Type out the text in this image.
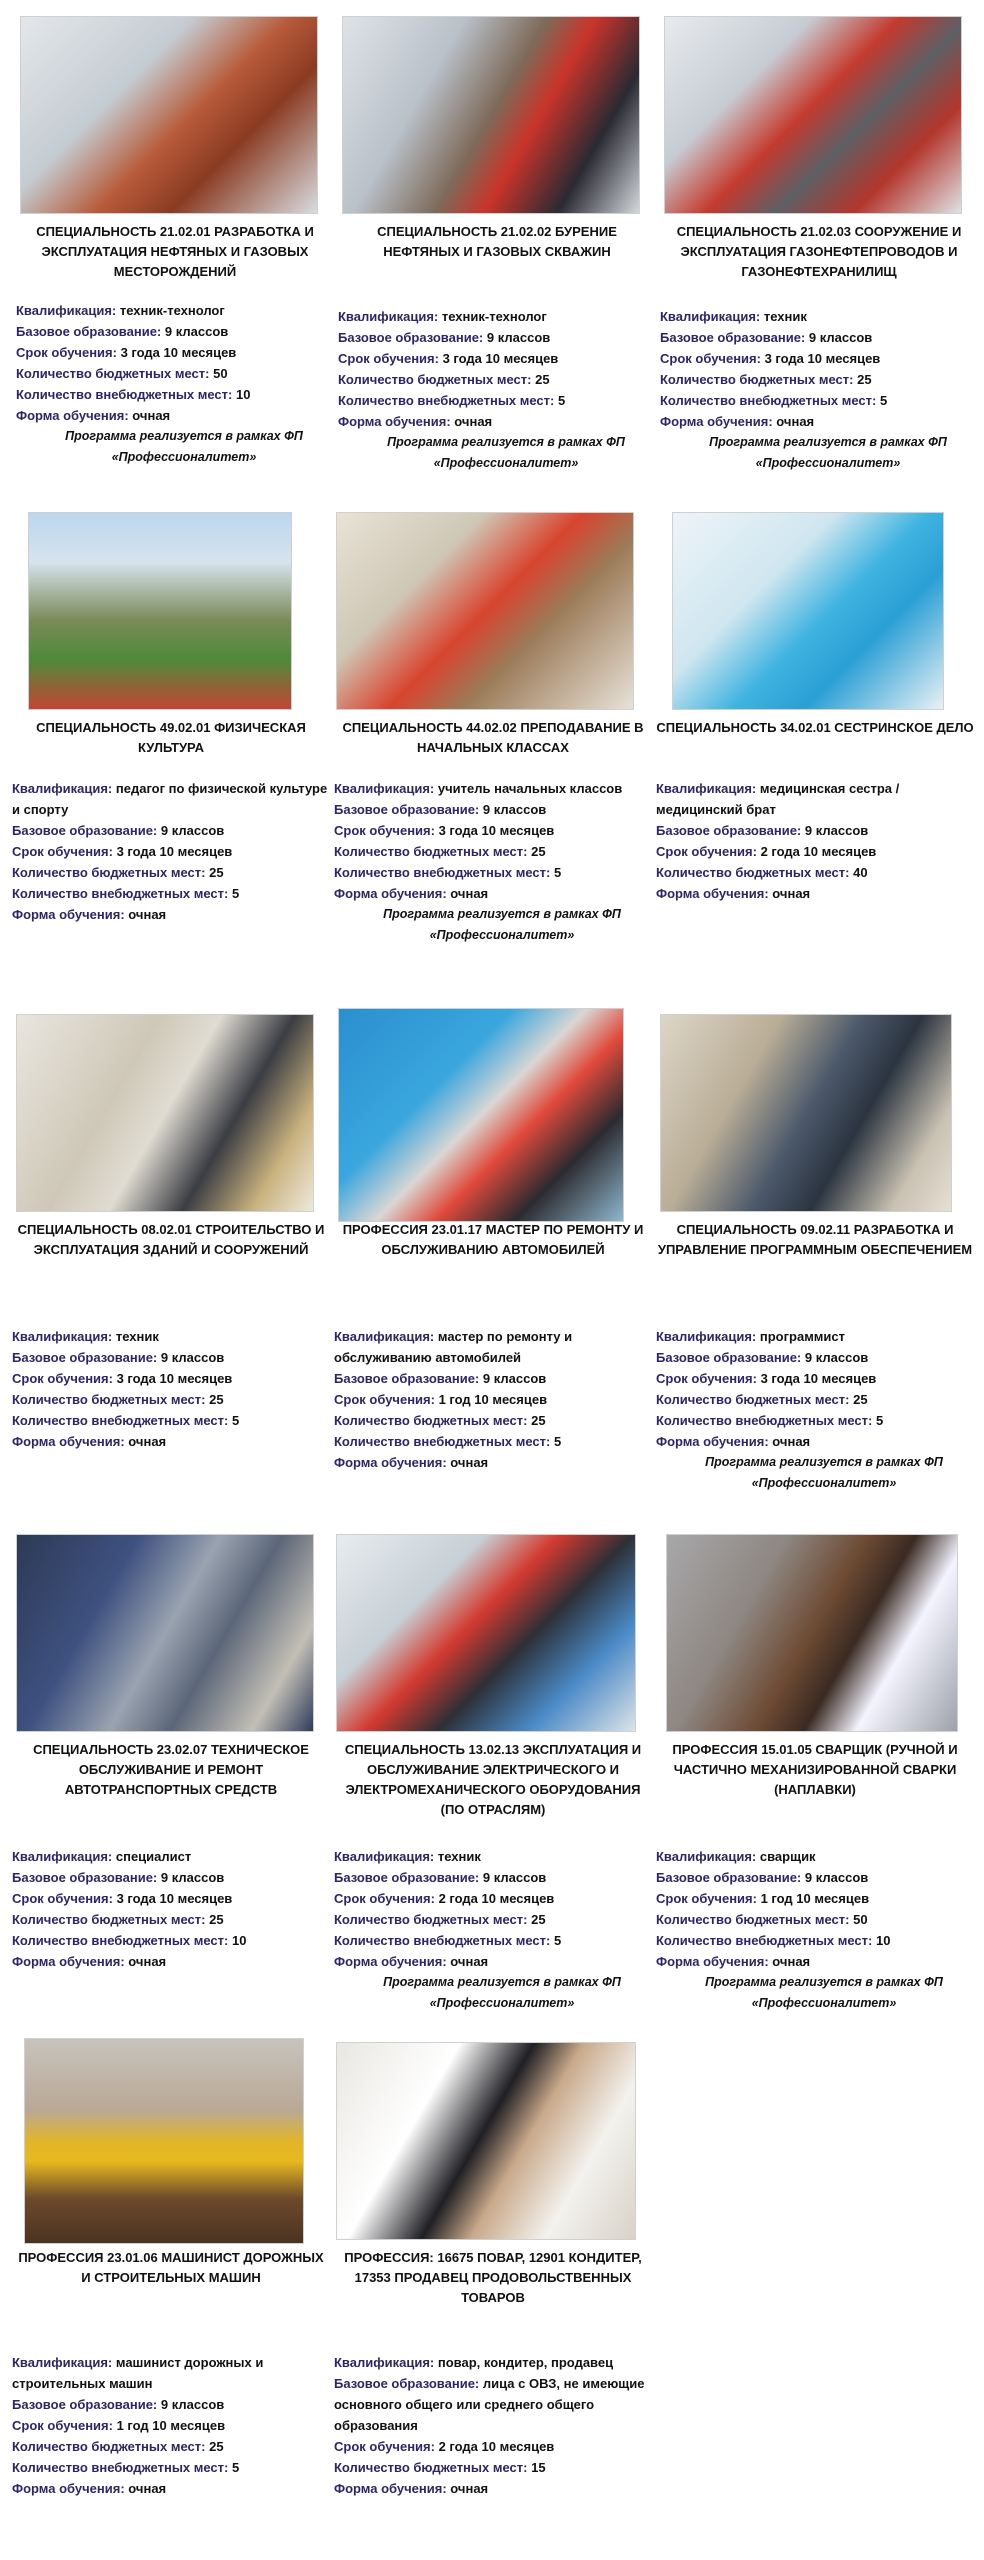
СПЕЦИАЛЬНОСТЬ 21.02.01 РАЗРАБОТКА И ЭКСПЛУАТАЦИЯ НЕФТЯНЫХ И ГАЗОВЫХ МЕСТОРОЖДЕНИЙ
Квалификация: техник-технолог
Базовое образование: 9 классов
Срок обучения: 3 года 10 месяцев
Количество бюджетных мест: 50
Количество внебюджетных мест: 10
Форма обучения: очная
Программа реализуется в рамках ФП «Профессионалитет»
СПЕЦИАЛЬНОСТЬ 21.02.02 БУРЕНИЕ НЕФТЯНЫХ И ГАЗОВЫХ СКВАЖИН
Квалификация: техник-технолог
Базовое образование: 9 классов
Срок обучения: 3 года 10 месяцев
Количество бюджетных мест: 25
Количество внебюджетных мест: 5
Форма обучения: очная
Программа реализуется в рамках ФП «Профессионалитет»
СПЕЦИАЛЬНОСТЬ 21.02.03 СООРУЖЕНИЕ И ЭКСПЛУАТАЦИЯ ГАЗОНЕФТЕПРОВОДОВ И ГАЗОНЕФТЕХРАНИЛИЩ
Квалификация: техник
Базовое образование: 9 классов
Срок обучения: 3 года 10 месяцев
Количество бюджетных мест: 25
Количество внебюджетных мест: 5
Форма обучения: очная
Программа реализуется в рамках ФП «Профессионалитет»
СПЕЦИАЛЬНОСТЬ 49.02.01 ФИЗИЧЕСКАЯ КУЛЬТУРА
Квалификация: педагог по физической культуре и спорту
Базовое образование: 9 классов
Срок обучения: 3 года 10 месяцев
Количество бюджетных мест: 25
Количество внебюджетных мест: 5
Форма обучения: очная
СПЕЦИАЛЬНОСТЬ 44.02.02 ПРЕПОДАВАНИЕ В НАЧАЛЬНЫХ КЛАССАХ
Квалификация: учитель начальных классов
Базовое образование: 9 классов
Срок обучения: 3 года 10 месяцев
Количество бюджетных мест: 25
Количество внебюджетных мест: 5
Форма обучения: очная
Программа реализуется в рамках ФП «Профессионалитет»
СПЕЦИАЛЬНОСТЬ 34.02.01 СЕСТРИНСКОЕ ДЕЛО
Квалификация: медицинская сестра / медицинский брат
Базовое образование: 9 классов
Срок обучения: 2 года 10 месяцев
Количество бюджетных мест: 40
Форма обучения: очная
СПЕЦИАЛЬНОСТЬ 08.02.01 СТРОИТЕЛЬСТВО И ЭКСПЛУАТАЦИЯ ЗДАНИЙ И СООРУЖЕНИЙ
Квалификация: техник
Базовое образование: 9 классов
Срок обучения: 3 года 10 месяцев
Количество бюджетных мест: 25
Количество внебюджетных мест: 5
Форма обучения: очная
ПРОФЕССИЯ 23.01.17 МАСТЕР ПО РЕМОНТУ И ОБСЛУЖИВАНИЮ АВТОМОБИЛЕЙ
Квалификация: мастер по ремонту и обслуживанию автомобилей
Базовое образование: 9 классов
Срок обучения: 1 год 10 месяцев
Количество бюджетных мест: 25
Количество внебюджетных мест: 5
Форма обучения: очная
СПЕЦИАЛЬНОСТЬ 09.02.11 РАЗРАБОТКА И УПРАВЛЕНИЕ ПРОГРАММНЫМ ОБЕСПЕЧЕНИЕМ
Квалификация: программист
Базовое образование: 9 классов
Срок обучения: 3 года 10 месяцев
Количество бюджетных мест: 25
Количество внебюджетных мест: 5
Форма обучения: очная
Программа реализуется в рамках ФП «Профессионалитет»
СПЕЦИАЛЬНОСТЬ 23.02.07 ТЕХНИЧЕСКОЕ ОБСЛУЖИВАНИЕ И РЕМОНТ АВТОТРАНСПОРТНЫХ СРЕДСТВ
Квалификация: специалист
Базовое образование: 9 классов
Срок обучения: 3 года 10 месяцев
Количество бюджетных мест: 25
Количество внебюджетных мест: 10
Форма обучения: очная
СПЕЦИАЛЬНОСТЬ 13.02.13 ЭКСПЛУАТАЦИЯ И ОБСЛУЖИВАНИЕ ЭЛЕКТРИЧЕСКОГО И ЭЛЕКТРОМЕХАНИЧЕСКОГО ОБОРУДОВАНИЯ (ПО ОТРАСЛЯМ)
Квалификация: техник
Базовое образование: 9 классов
Срок обучения: 2 года 10 месяцев
Количество бюджетных мест: 25
Количество внебюджетных мест: 5
Форма обучения: очная
Программа реализуется в рамках ФП «Профессионалитет»
ПРОФЕССИЯ 15.01.05 СВАРЩИК (РУЧНОЙ И ЧАСТИЧНО МЕХАНИЗИРОВАННОЙ СВАРКИ (НАПЛАВКИ)
Квалификация: сварщик
Базовое образование: 9 классов
Срок обучения: 1 год 10 месяцев
Количество бюджетных мест: 50
Количество внебюджетных мест: 10
Форма обучения: очная
Программа реализуется в рамках ФП «Профессионалитет»
ПРОФЕССИЯ 23.01.06 МАШИНИСТ ДОРОЖНЫХ И СТРОИТЕЛЬНЫХ МАШИН
Квалификация: машинист дорожных и строительных машин
Базовое образование: 9 классов
Срок обучения: 1 год 10 месяцев
Количество бюджетных мест: 25
Количество внебюджетных мест: 5
Форма обучения: очная
ПРОФЕССИЯ: 16675 ПОВАР, 12901 КОНДИТЕР, 17353 ПРОДАВЕЦ ПРОДОВОЛЬСТВЕННЫХ ТОВАРОВ
Квалификация: повар, кондитер, продавец
Базовое образование: лица с ОВЗ, не имеющие основного общего или среднего общего образования
Срок обучения: 2 года 10 месяцев
Количество бюджетных мест: 15
Форма обучения: очная
